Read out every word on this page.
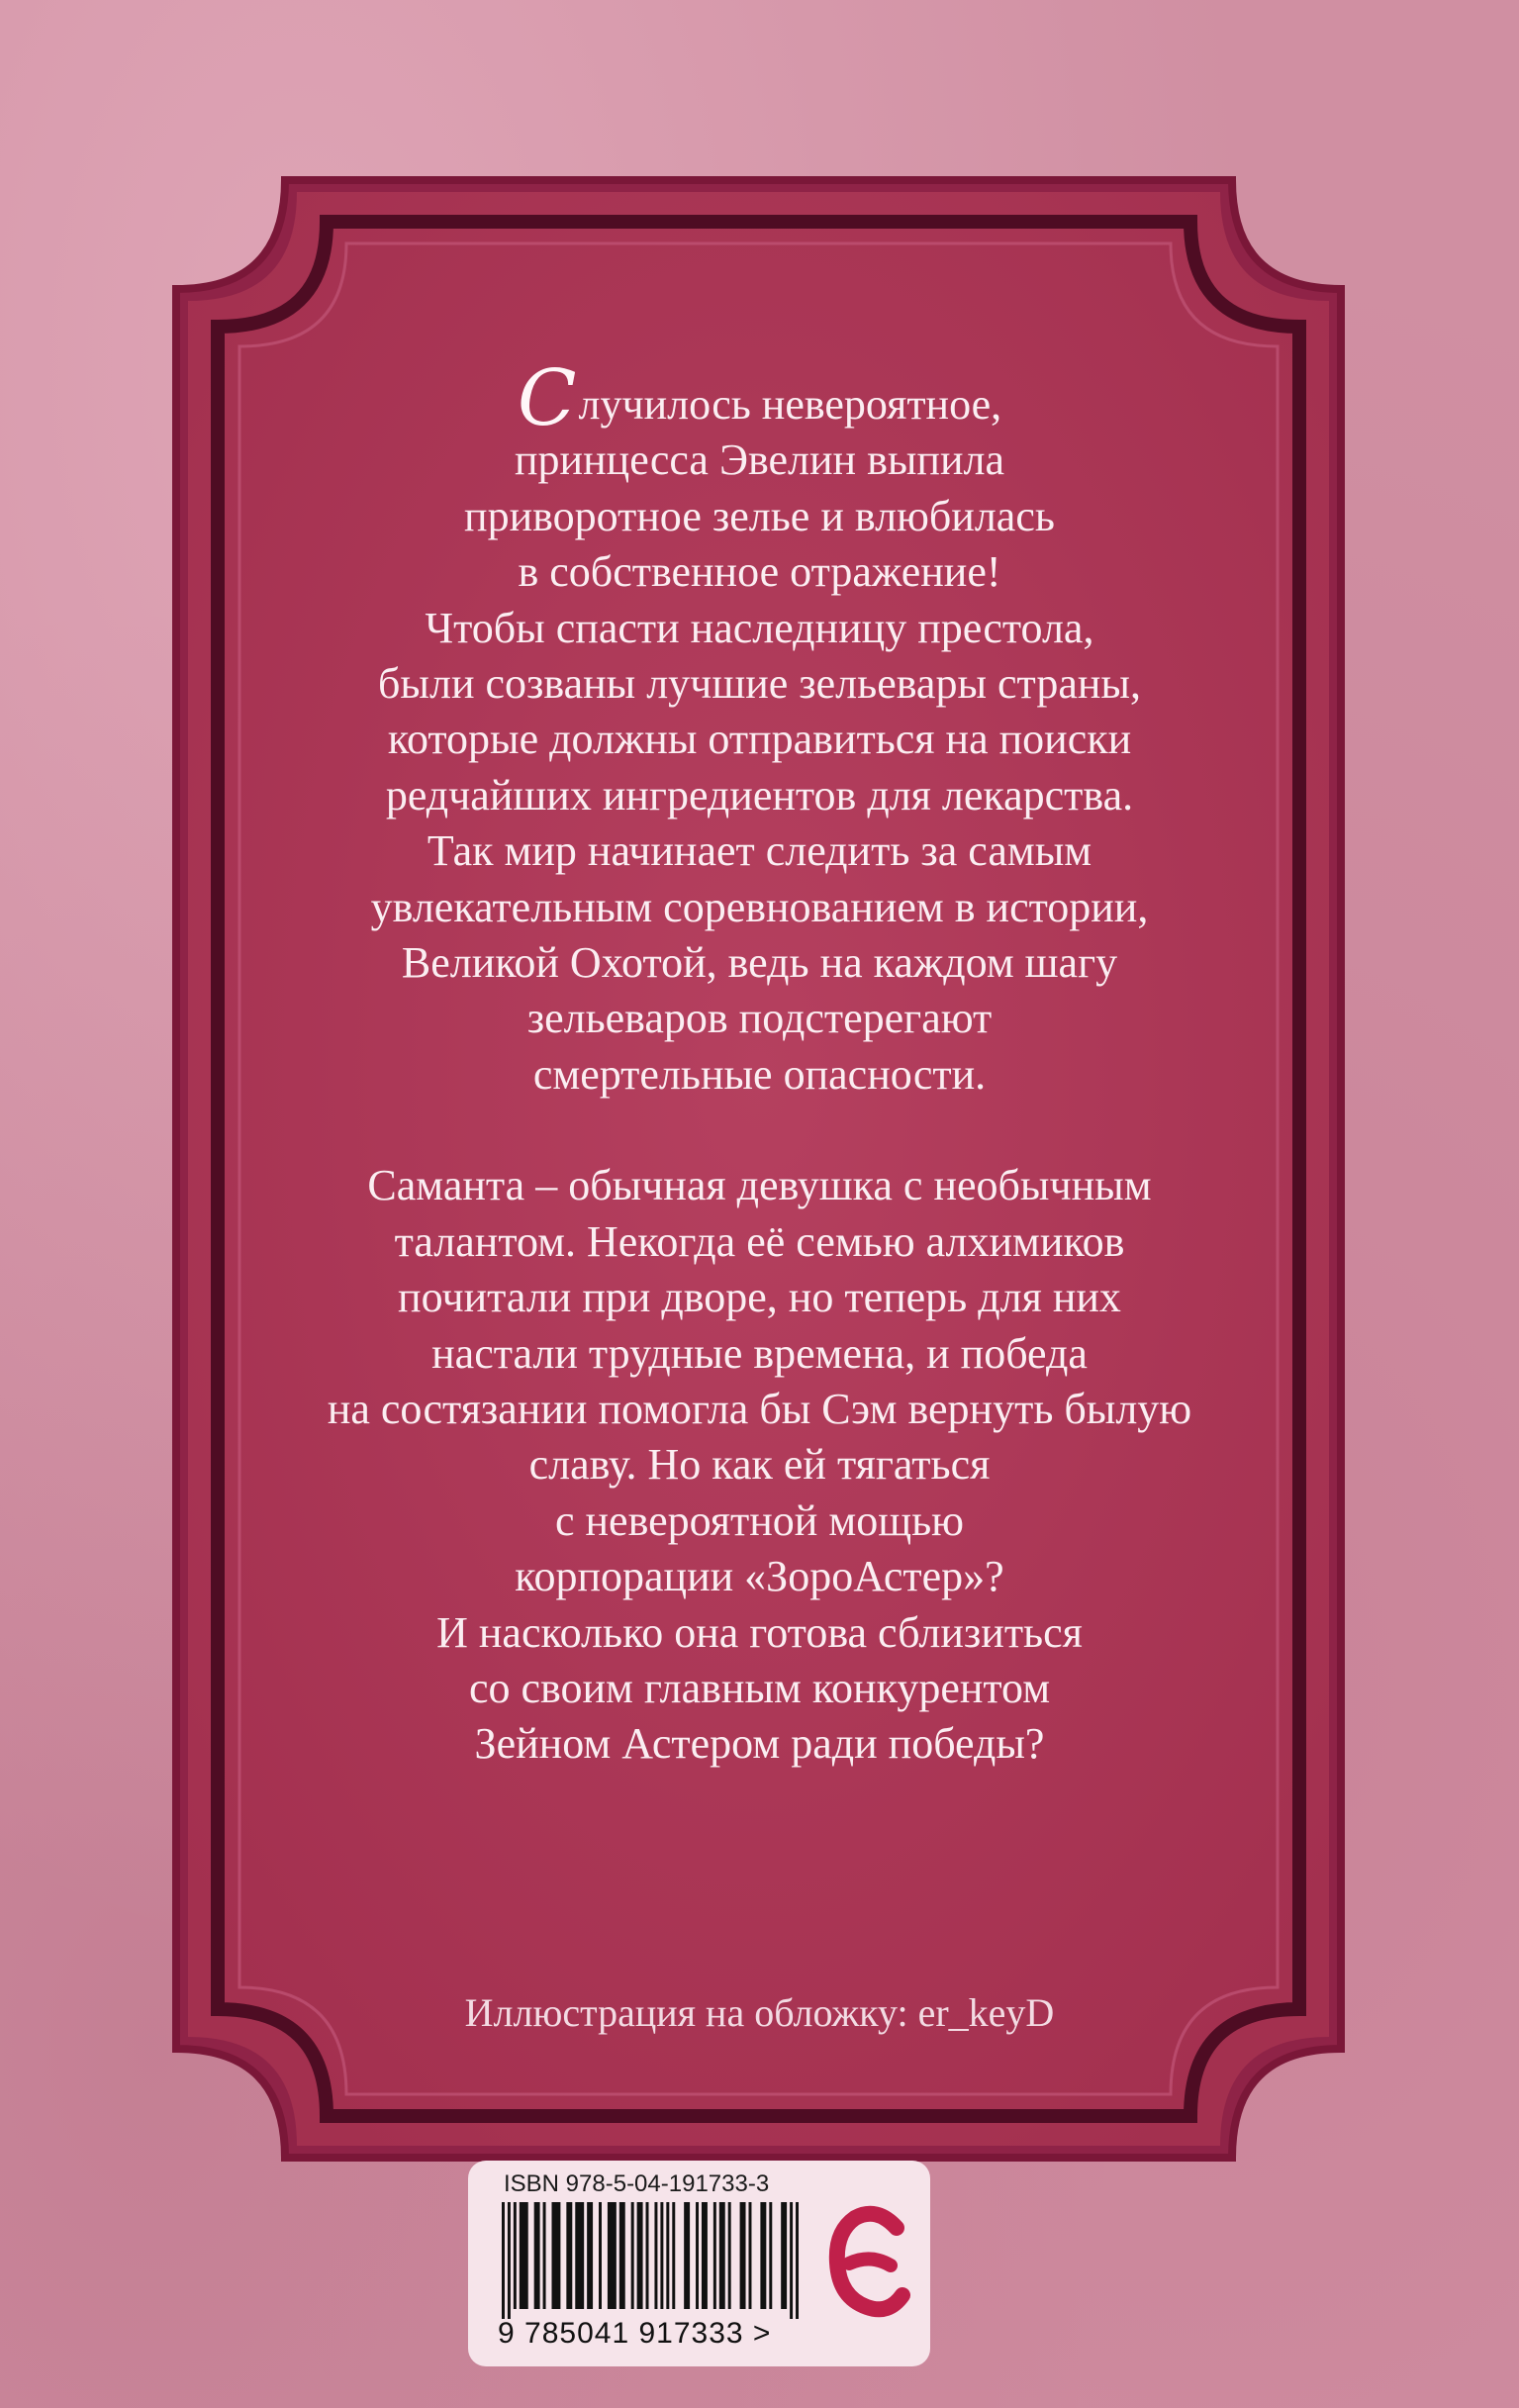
Случилось невероятное,
принцесса Эвелин выпила
приворотное зелье и влюбилась
в собственное отражение!
Чтобы спасти наследницу престола,
были созваны лучшие зельевары страны,
которые должны отправиться на поиски
редчайших ингредиентов для лекарства.
Так мир начинает следить за самым
увлекательным соревнованием в истории,
Великой Охотой, ведь на каждом шагу
зельеваров подстерегают
смертельные опасности.

Саманта – обычная девушка с необычным
талантом. Некогда её семью алхимиков
почитали при дворе, но теперь для них
настали трудные времена, и победа
на состязании помогла бы Сэм вернуть былую
славу. Но как ей тягаться
с невероятной мощью
корпорации «ЗороАстер»?
И насколько она готова сблизиться
со своим главным конкурентом
Зейном Астером ради победы?

Иллюстрация на обложку: er_keyD
ISBN 978-5-04-191733-3
9 785041 917333 >
